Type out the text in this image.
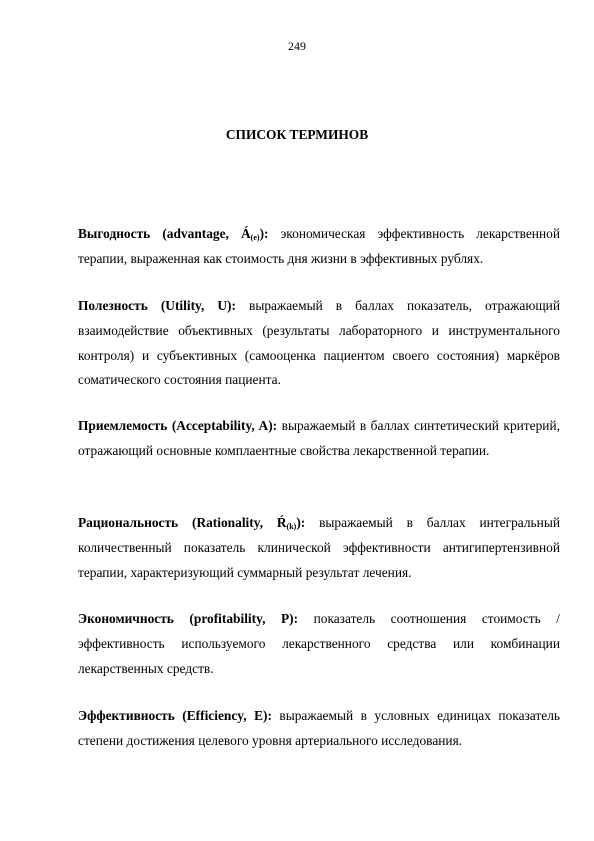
249
СПИСОК ТЕРМИНОВ

Выгодность (advantage, $Á_{(e)}$): экономическая эффективность лекарственной терапии, выраженная как стоимость дня жизни в эффективных рублях.

Полезность (Utility, U): выражаемый в баллах показатель, отражающий взаимодействие объективных (результаты лабораторного и инструментального контроля) и субъективных (самооценка пациентом своего состояния) маркёров соматического состояния пациента.

Приемлемость (Acceptability, A): выражаемый в баллах синтетический критерий, отражающий основные комплаентные свойства лекарственной терапии.

Рациональность (Rationality, $Ŕ_{(k)}$): выражаемый в баллах интегральный количественный показатель клинической эффективности антигипертензивной терапии, характеризующий суммарный результат лечения.

Экономичность (profitability, P): показатель соотношения стоимость / эффективность используемого лекарственного средства или комбинации лекарственных средств.

Эффективность (Efficiency, E): выражаемый в условных единицах показатель степени достижения целевого уровня артериального исследования.
